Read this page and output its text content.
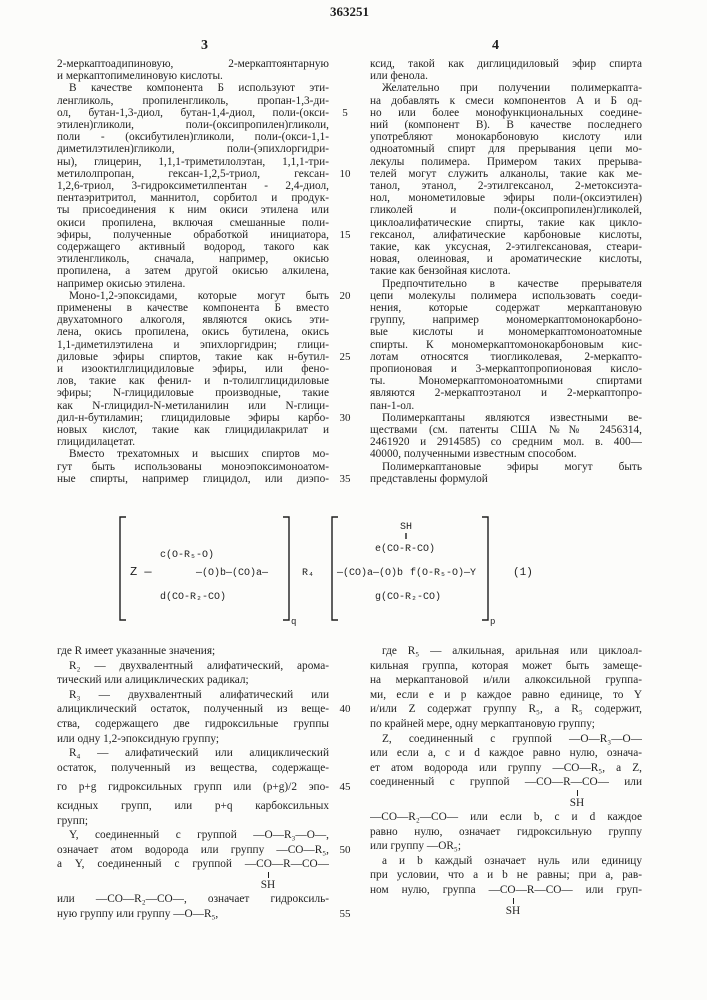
363251
3	4
2-меркаптоадипиновую, 2-меркаптоянтарную
и меркаптопимелиновую кислоты.
В качестве компонента Б используют эти-
ленгликоль, пропиленгликоль, пропан-1,3-ди-
ол, бутан-1,3-диол, бутан-1,4-диол, поли-(окси-
этилен)гликоли, поли-(оксипропилен)гликоли,
поли - (оксибутилен)гликоли, поли-(окси-1,1-
диметилэтилен)гликоли, поли-(эпихлоргидри-
ны), глицерин, 1,1,1-триметилолэтан, 1,1,1-три-
метилолпропан, гексан-1,2,5-триол, гексан-
1,2,6-триол, 3-гидроксиметилпентан - 2,4-диол,
пентаэритритол, маннитол, сорбитол и продук-
ты присоединения к ним окиси этилена или
окиси пропилена, включая смешанные поли-
эфиры, полученные обработкой инициатора,
содержащего активный водород, такого как
этиленгликоль, сначала, например, окисью
пропилена, а затем другой окисью алкилена,
например окисью этилена.
Моно-1,2-эпоксидами, которые могут быть
применены в качестве компонента Б вместо
двухатомного алкоголя, являются окись эти-
лена, окись пропилена, окись бутилена, окись
1,1-диметилэтилена и эпихлоргидрин; глици-
диловые эфиры спиртов, такие как н-бутил-
и изооктилглицидиловые эфиры, или фено-
лов, такие как фенил- и n-толилглицидиловые
эфиры; N-глицидиловые производные, такие
как N-глицидил-N-метиланилин или N-глици-
дил-н-бутиламин; глицидиловые эфиры карбо-
новых кислот, такие как глицидилакрилат и
глицидилацетат.
Вместо трехатомных и высших спиртов мо-
гут быть использованы моноэпоксимоноатом-
ные спирты, например глицидол, или диэпо-
ксид, такой как диглицидиловый эфир спирта
или фенола.
Желательно при получении полимеркапта-
на добавлять к смеси компонентов А и Б од-
но или более монофункциональных соедине-
ний (компонент В). В качестве последнего
употребляют монокарбоновую кислоту или
одноатомный спирт для прерывания цепи мо-
лекулы полимера. Примером таких прерыва-
телей могут служить алканолы, такие как ме-
танол, этанол, 2-этилгексанол, 2-метоксиэта-
нол, монометиловые эфиры поли-(оксиэтилен)
гликолей и поли-(оксипропилен)гликолей,
циклоалифатические спирты, такие как цикло-
гексанол, алифатические карбоновые кислоты,
такие, как уксусная, 2-этилгексановая, стеари-
новая, олеиновая, и ароматические кислоты,
такие как бензойная кислота.
Предпочтительно в качестве прерывателя
цепи молекулы полимера использовать соеди-
нения, которые содержат меркаптановую
группу, например мономеркаптомонокарбоно-
вые кислоты и мономеркаптомоноатомные
спирты. К мономеркаптомонокарбоновым кис-
лотам относятся тиогликолевая, 2-меркапто-
пропионовая и 3-меркаптопропионовая кисло-
ты. Мономеркаптомоноатомными спиртами
являются 2-меркаптоэтанол и 2-меркаптопро-
пан-1-ол.
Полимеркаптаны являются известными ве-
ществами (см. патенты США №№ 2456314,
2461920 и 2914585) со средним мол. в. 400—
40000, полученными известным способом.
Полимеркаптановые эфиры могут быть
представлены формулой
где R имеет указанные значения;
R₂ — двухвалентный алифатический, арома-
тический или алициклических радикал;
R₃ — двухвалентный алифатический или
алициклический остаток, полученный из веще-
ства, содержащего две гидроксильные группы
или одну 1,2-эпоксидную группу;
R₄ — алифатический или алициклический
остаток, полученный из вещества, содержаще-
го p+g гидроксильных групп или (p+g)/2 эпо-
ксидных групп, или p+q карбоксильных
групп;
Y, соединенный с группой —O—R₃—O—,
означает атом водорода или группу —CO—R₅,
а Y, соединенный с группой —CO—R—CO—
или —CO—R₂—CO—, означает гидроксиль-
ную группу или группу —O—R₅,
где R₅ — алкильная, арильная или циклоал-
кильная группа, которая может быть замеще-
на меркаптановой и/или алкоксильной группа-
ми, если e и p каждое равно единице, то Y
и/или Z содержат группу R₅, а R₅ содержит,
по крайней мере, одну меркаптановую группу;
Z, соединенный с группой —O—R₃—O—
или если a, c и d каждое равно нулю, означа-
ет атом водорода или группу —CO—R₅, а Z,
соединенный с группой —CO—R—CO— или
—CO—R₂—CO— или если b, c и d каждое
равно нулю, означает гидроксильную группу
или группу —OR₅;
a и b каждый означает нуль или единицу
при условии, что a и b не равны; при a, рав-
ном нулю, группа —CO—R—CO— или груп-
5
10
15
20
25
30
35
40
45
50
55
SH
SH
SH
Z —
c(O-R₅-O)
—(O)b—(CO)a—
d(CO-R₂-CO)
q
R₄
SH
e(CO-R-CO)
—(CO)a—(O)b f(O-R₅-O)—Y
g(CO-R₂-CO)
p
(1)
